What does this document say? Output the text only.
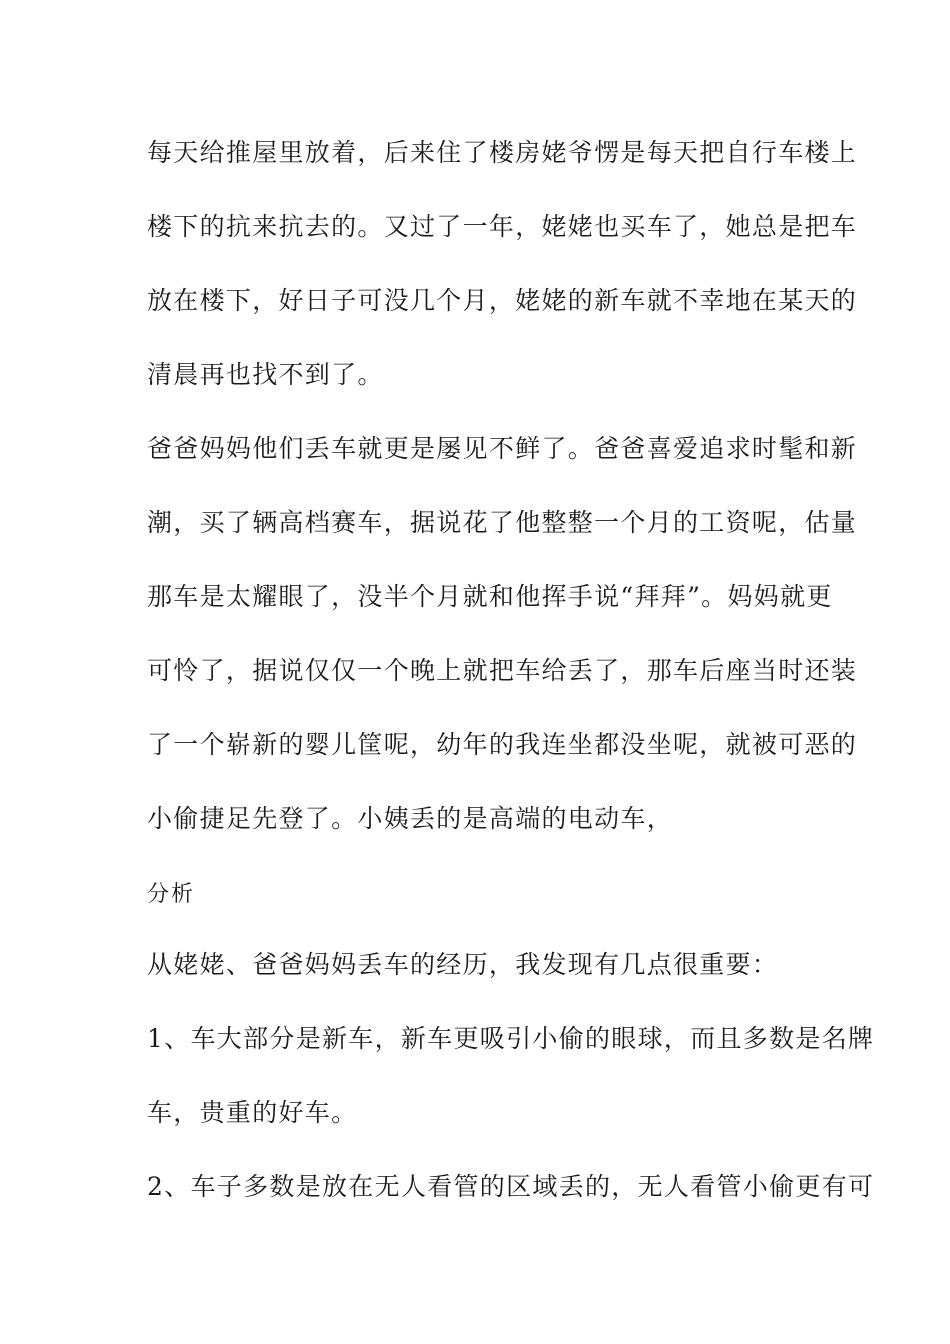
每天给推屋里放着，后来住了楼房姥爷愣是每天把自行车楼上
楼下的抗来抗去的。又过了一年，姥姥也买车了，她总是把车
放在楼下，好日子可没几个月，姥姥的新车就不幸地在某天的
清晨再也找不到了。
爸爸妈妈他们丢车就更是屡见不鲜了。爸爸喜爱追求时髦和新
潮，买了辆高档赛车，据说花了他整整一个月的工资呢，估量
那车是太耀眼了，没半个月就和他挥手说“拜拜”。妈妈就更
可怜了，据说仅仅一个晚上就把车给丢了，那车后座当时还装
了一个崭新的婴儿筐呢，幼年的我连坐都没坐呢，就被可恶的
小偷捷足先登了。小姨丢的是高端的电动车，
分析
从姥姥、爸爸妈妈丢车的经历，我发现有几点很重要：
1、车大部分是新车，新车更吸引小偷的眼球，而且多数是名牌
车，贵重的好车。
2、车子多数是放在无人看管的区域丢的，无人看管小偷更有可
